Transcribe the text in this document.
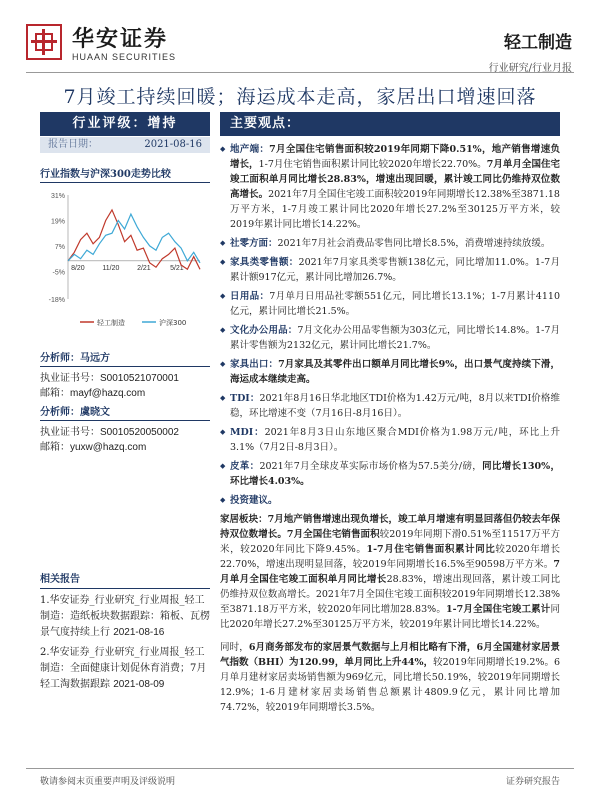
华安证券
HUAAN SECURITIES
轻工制造
行业研究/行业月报
7月竣工持续回暖；海运成本走高，家居出口增速回落
行业评级：增持
报告日期：	2021-08-16
行业指数与沪深300走势比较
31%
19%
7%
-5%
-18%
8/20	11/20	2/21	5/21
轻工制造	沪深300
分析师：马远方
执业证书号：S0010521070001
邮箱：mayf@hazq.com
分析师：虞晓文
执业证书号：S0010520050002
邮箱：yuxw@hazq.com
相关报告
1.华安证券_行业研究_行业周报_轻工制造：造纸板块数据跟踪：箱板、瓦楞景气度持续上行 2021-08-16
2.华安证券_行业研究_行业周报_轻工制造：全面健康计划促休育消费；7月轻工淘数据跟踪 2021-08-09
主要观点：
◆ 地产端：7月全国住宅销售面积较2019年同期下降0.51%，地产销售增速负增长，1-7月住宅销售面积累计同比较2020年增长22.70%。7月单月全国住宅竣工面积单月同比增长28.83%，增速出现回暖，累计竣工同比仍维持双位数高增长。2021年7月全国住宅竣工面积较2019年同期增长12.38%至3871.18万平方米，1-7月竣工累计同比2020年增长27.2%至30125万平方米，较2019年累计同比增长14.22%。
◆ 社零方面：2021年7月社会消费品零售同比增长8.5%，消费增速持续放缓。
◆ 家具类零售额：2021年7月家具类零售额138亿元，同比增加11.0%。1-7月累计额917亿元，累计同比增加26.7%。
◆ 日用品：7月单月日用品社零额551亿元，同比增长13.1%；1-7月累计4110亿元，累计同比增长21.5%。
◆ 文化办公用品：7月文化办公用品零售额为303亿元，同比增长14.8%。1-7月累计零售额为2132亿元，累计同比增长21.7%。
◆ 家具出口：7月家具及其零件出口额单月同比增长9%，出口景气度持续下滑，海运成本继续走高。
◆ TDI：2021年8月16日华北地区TDI价格为1.42万元/吨，8月以来TDI价格维稳，环比增速不变（7月16日-8月16日）。
◆ MDI：2021年8月3日山东地区聚合MDI价格为1.98万元/吨，环比上升3.1%（7月2日-8月3日）。
◆ 皮革：2021年7月全球皮革实际市场价格为57.5美分/磅，同比增长130%，环比增长4.03%。
◆ 投资建议。
家居板块：7月地产销售增速出现负增长，竣工单月增速有明显回落但仍较去年保持双位数增长。7月全国住宅销售面积较2019年同期下滑0.51%至11517万平方米，较2020年同比下降9.45%。1-7月住宅销售面积累计同比较2020年增长22.70%，增速出现明显回落，较2019年同期增长16.5%至90598万平方米。7月单月全国住宅竣工面积单月同比增长28.83%，增速出现回落，累计竣工同比仍维持双位数高增长。2021年7月全国住宅竣工面积较2019年同期增长12.38%至3871.18万平方米，较2020年同比增加28.83%。1-7月全国住宅竣工累计同比2020年增长27.2%至30125万平方米，较2019年累计同比增长14.22%。
同时，6月商务部发布的家居景气数据与上月相比略有下滑，6月全国建材家居景气指数（BHI）为120.99，单月同比上升44%，较2019年同期增长19.2%。6月单月建材家居卖场销售额为969亿元，同比增长50.19%，较2019年同期增长12.9%；1-6月建材家居卖场销售总额累计4809.9亿元，累计同比增加74.72%，较2019年同期增长3.5%。
敬请参阅末页重要声明及评级说明	证券研究报告
